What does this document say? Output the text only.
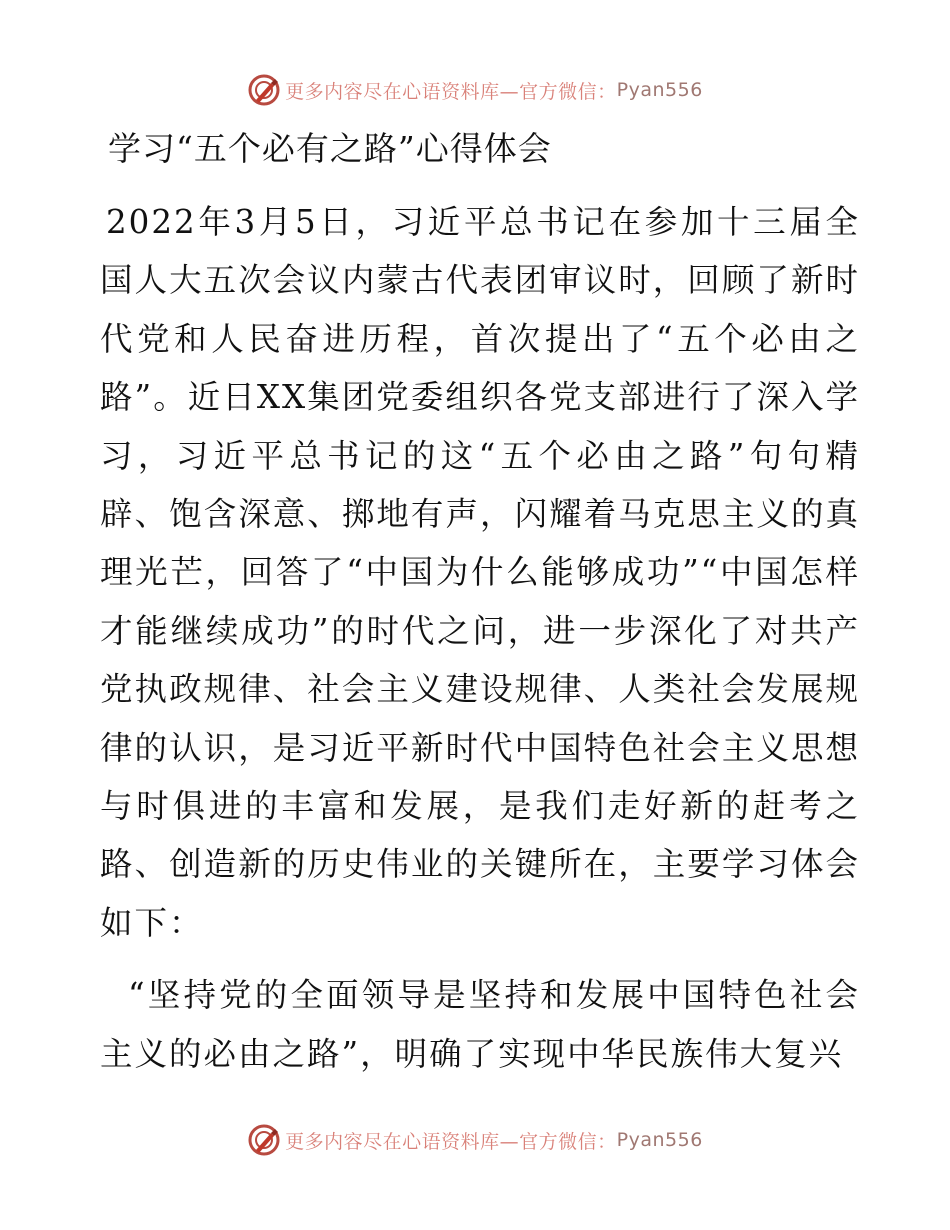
更多内容尽在心语资料库—官方微信： Pyan556
学习“五个必有之路”心得体会

2022年3月5日，习近平总书记在参加十三届全国人大五次会议内蒙古代表团审议时，回顾了新时代党和人民奋进历程，首次提出了“五个必由之路”。近日XX集团党委组织各党支部进行了深入学习，习近平总书记的这“五个必由之路”句句精辟、饱含深意、掷地有声，闪耀着马克思主义的真理光芒，回答了“中国为什么能够成功”“中国怎样才能继续成功”的时代之问，进一步深化了对共产党执政规律、社会主义建设规律、人类社会发展规律的认识，是习近平新时代中国特色社会主义思想与时俱进的丰富和发展，是我们走好新的赶考之路、创造新的历史伟业的关键所在，主要学习体会如下：

“坚持党的全面领导是坚持和发展中国特色社会主义的必由之路”，明确了实现中华民族伟大复兴

更多内容尽在心语资料库—官方微信： Pyan556
